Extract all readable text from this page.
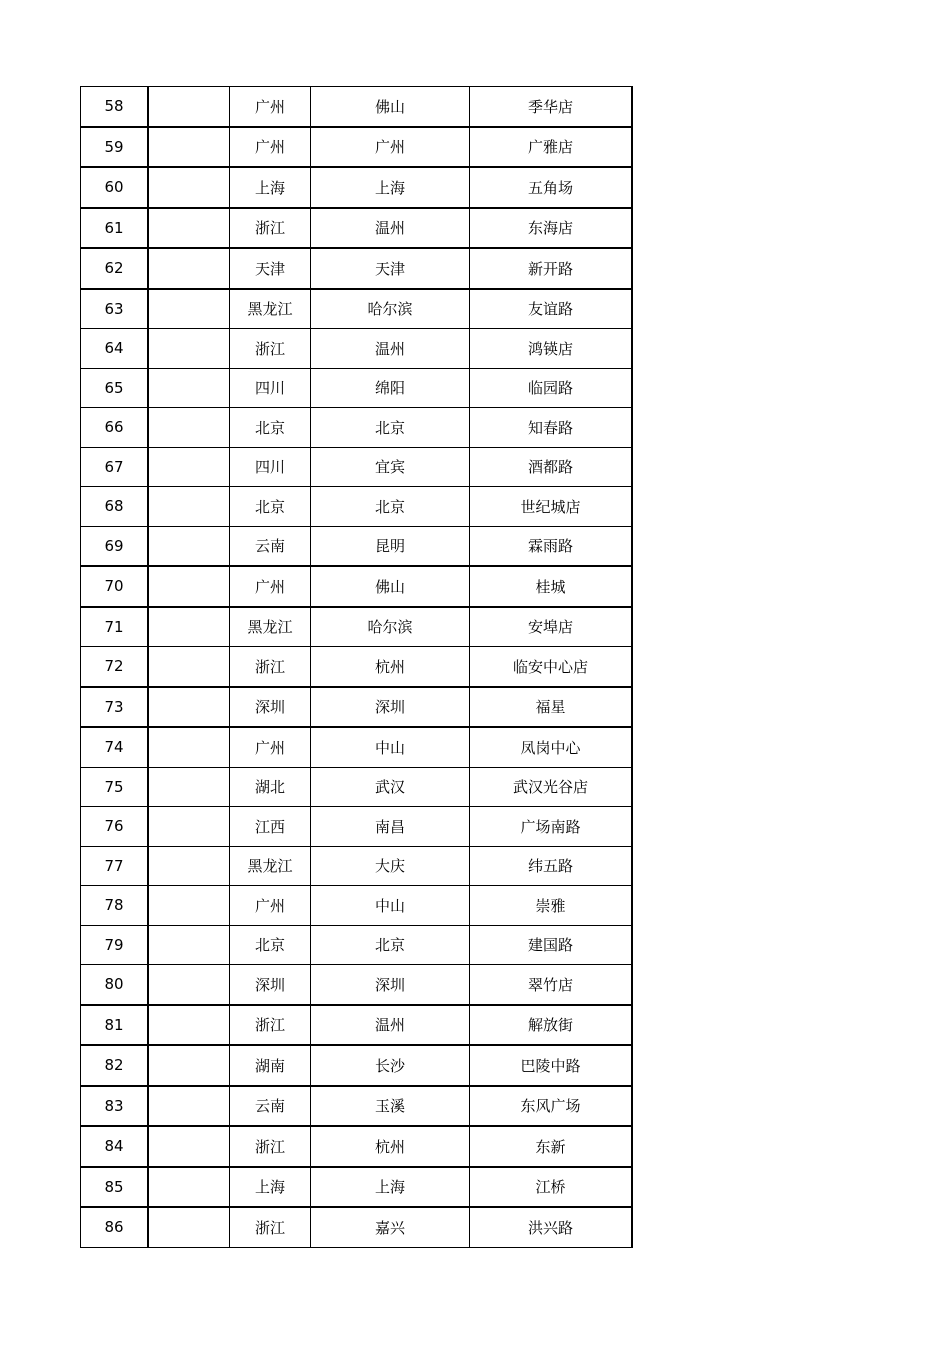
58		广州	佛山	季华店
59		广州	广州	广雅店
60		上海	上海	五角场
61		浙江	温州	东海店
62		天津	天津	新开路
63		黑龙江	哈尔滨	友谊路
64		浙江	温州	鸿锳店
65		四川	绵阳	临园路
66		北京	北京	知春路
67		四川	宜宾	酒都路
68		北京	北京	世纪城店
69		云南	昆明	霖雨路
70		广州	佛山	桂城
71		黑龙江	哈尔滨	安埠店
72		浙江	杭州	临安中心店
73		深圳	深圳	福星
74		广州	中山	凤岗中心
75		湖北	武汉	武汉光谷店
76		江西	南昌	广场南路
77		黑龙江	大庆	纬五路
78		广州	中山	崇雅
79		北京	北京	建国路
80		深圳	深圳	翠竹店
81		浙江	温州	解放街
82		湖南	长沙	巴陵中路
83		云南	玉溪	东风广场
84		浙江	杭州	东新
85		上海	上海	江桥
86		浙江	嘉兴	洪兴路
